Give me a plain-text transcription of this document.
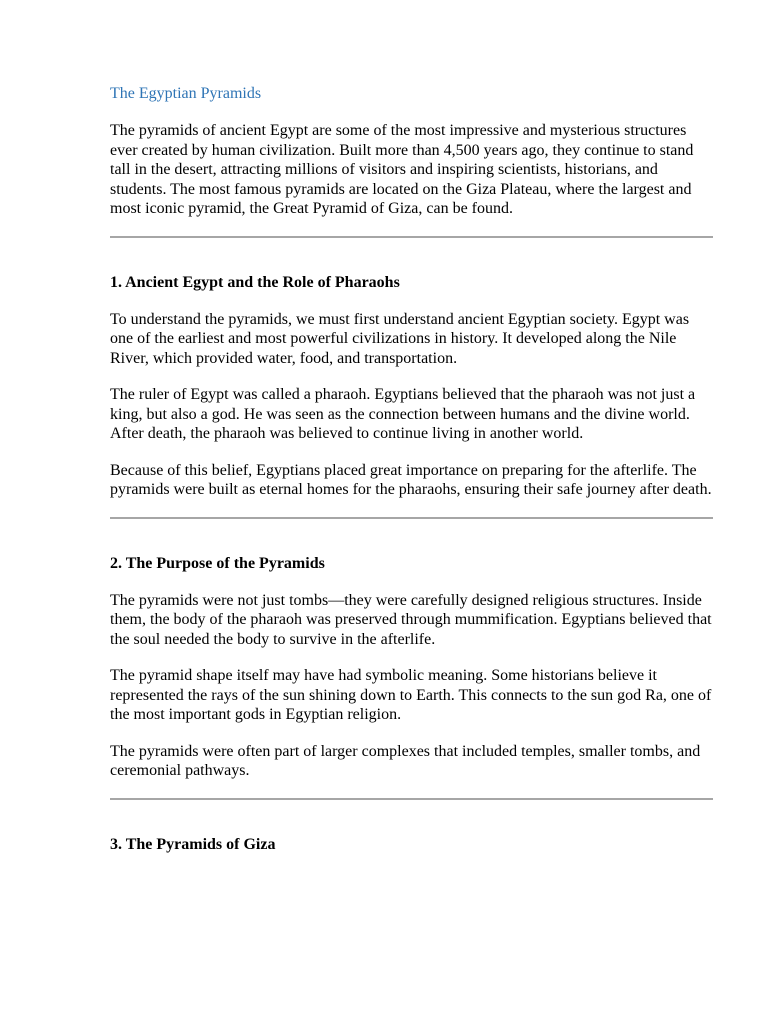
The Egyptian Pyramids

The pyramids of ancient Egypt are some of the most impressive and mysterious structures ever created by human civilization. Built more than 4,500 years ago, they continue to stand tall in the desert, attracting millions of visitors and inspiring scientists, historians, and students. The most famous pyramids are located on the Giza Plateau, where the largest and most iconic pyramid, the Great Pyramid of Giza, can be found.

1. Ancient Egypt and the Role of Pharaohs

To understand the pyramids, we must first understand ancient Egyptian society. Egypt was one of the earliest and most powerful civilizations in history. It developed along the Nile River, which provided water, food, and transportation.

The ruler of Egypt was called a pharaoh. Egyptians believed that the pharaoh was not just a king, but also a god. He was seen as the connection between humans and the divine world. After death, the pharaoh was believed to continue living in another world.

Because of this belief, Egyptians placed great importance on preparing for the afterlife. The pyramids were built as eternal homes for the pharaohs, ensuring their safe journey after death.

2. The Purpose of the Pyramids

The pyramids were not just tombs—they were carefully designed religious structures. Inside them, the body of the pharaoh was preserved through mummification. Egyptians believed that the soul needed the body to survive in the afterlife.

The pyramid shape itself may have had symbolic meaning. Some historians believe it represented the rays of the sun shining down to Earth. This connects to the sun god Ra, one of the most important gods in Egyptian religion.

The pyramids were often part of larger complexes that included temples, smaller tombs, and ceremonial pathways.

3. The Pyramids of Giza
